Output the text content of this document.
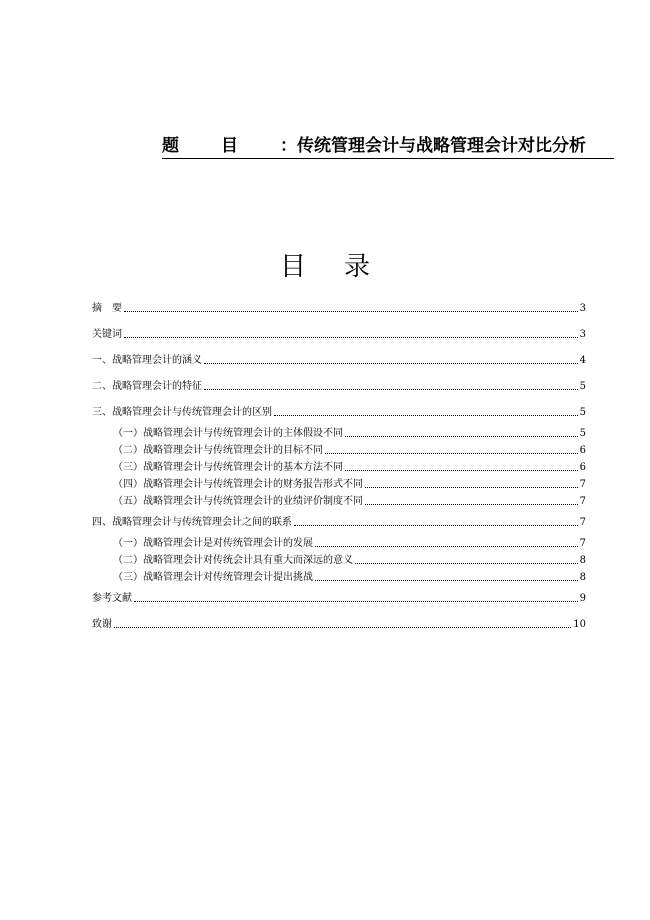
题目：传统管理会计与战略管理会计对比分析
目录
摘　要	3
关键词	3
一、战略管理会计的涵义	4
二、战略管理会计的特征	5
三、战略管理会计与传统管理会计的区别	5
（一）战略管理会计与传统管理会计的主体假设不同	5
（二）战略管理会计与传统管理会计的目标不同	6
（三）战略管理会计与传统管理会计的基本方法不同	6
（四）战略管理会计与传统管理会计的财务报告形式不同	7
（五）战略管理会计与传统管理会计的业绩评价制度不同	7
四、战略管理会计与传统管理会计之间的联系	7
（一）战略管理会计是对传统管理会计的发展	7
（二）战略管理会计对传统会计具有重大而深远的意义	8
（三）战略管理会计对传统管理会计提出挑战	8
参考文献	9
致谢	10
